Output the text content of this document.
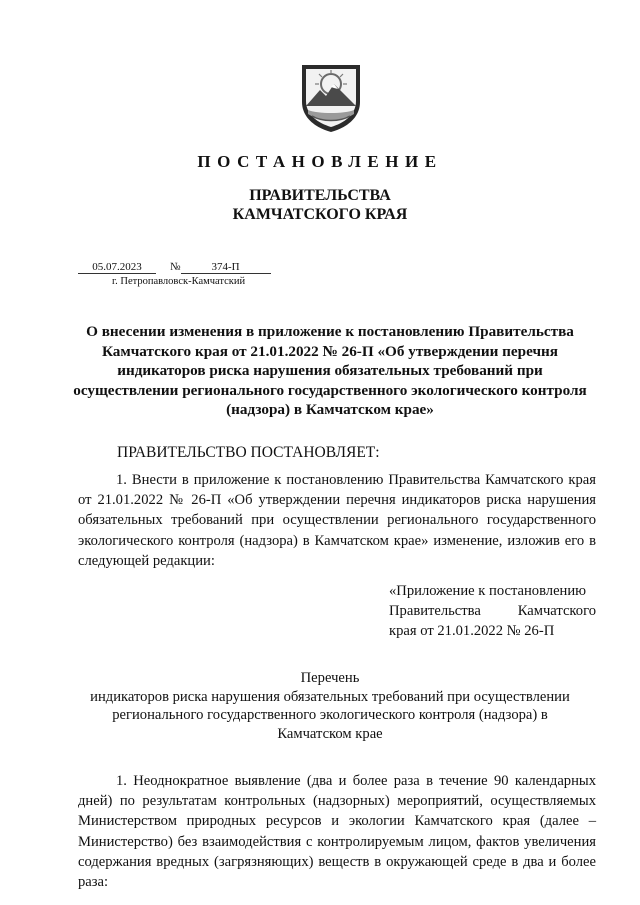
ПОСТАНОВЛЕНИЕ
ПРАВИТЕЛЬСТВА
КАМЧАТСКОГО КРАЯ
05.07.2023	№	374-П
г. Петропавловск-Камчатский
О внесении изменения в приложение к постановлению Правительства
Камчатского края от 21.01.2022 № 26-П «Об утверждении перечня
индикаторов риска нарушения обязательных требований при
осуществлении регионального государственного экологического контроля
(надзора) в Камчатском крае»
ПРАВИТЕЛЬСТВО ПОСТАНОВЛЯЕТ:

1. Внести в приложение к постановлению Правительства Камчатского края от 21.01.2022 № 26-П «Об утверждении перечня индикаторов риска нарушения обязательных требований при осуществлении регионального государственного экологического контроля (надзора) в Камчатском крае» изменение, изложив его в следующей редакции:

«Приложение к постановлению
Правительства	Камчатского
края от 21.01.2022 № 26-П
Перечень
индикаторов риска нарушения обязательных требований при осуществлении
регионального государственного экологического контроля (надзора) в
Камчатском крае

1. Неоднократное выявление (два и более раза в течение 90 календарных дней) по результатам контрольных (надзорных) мероприятий, осуществляемых Министерством природных ресурсов и экологии Камчатского края (далее – Министерство) без взаимодействия с контролируемым лицом, фактов увеличения содержания вредных (загрязняющих) веществ в окружающей среде в два и более раза:
